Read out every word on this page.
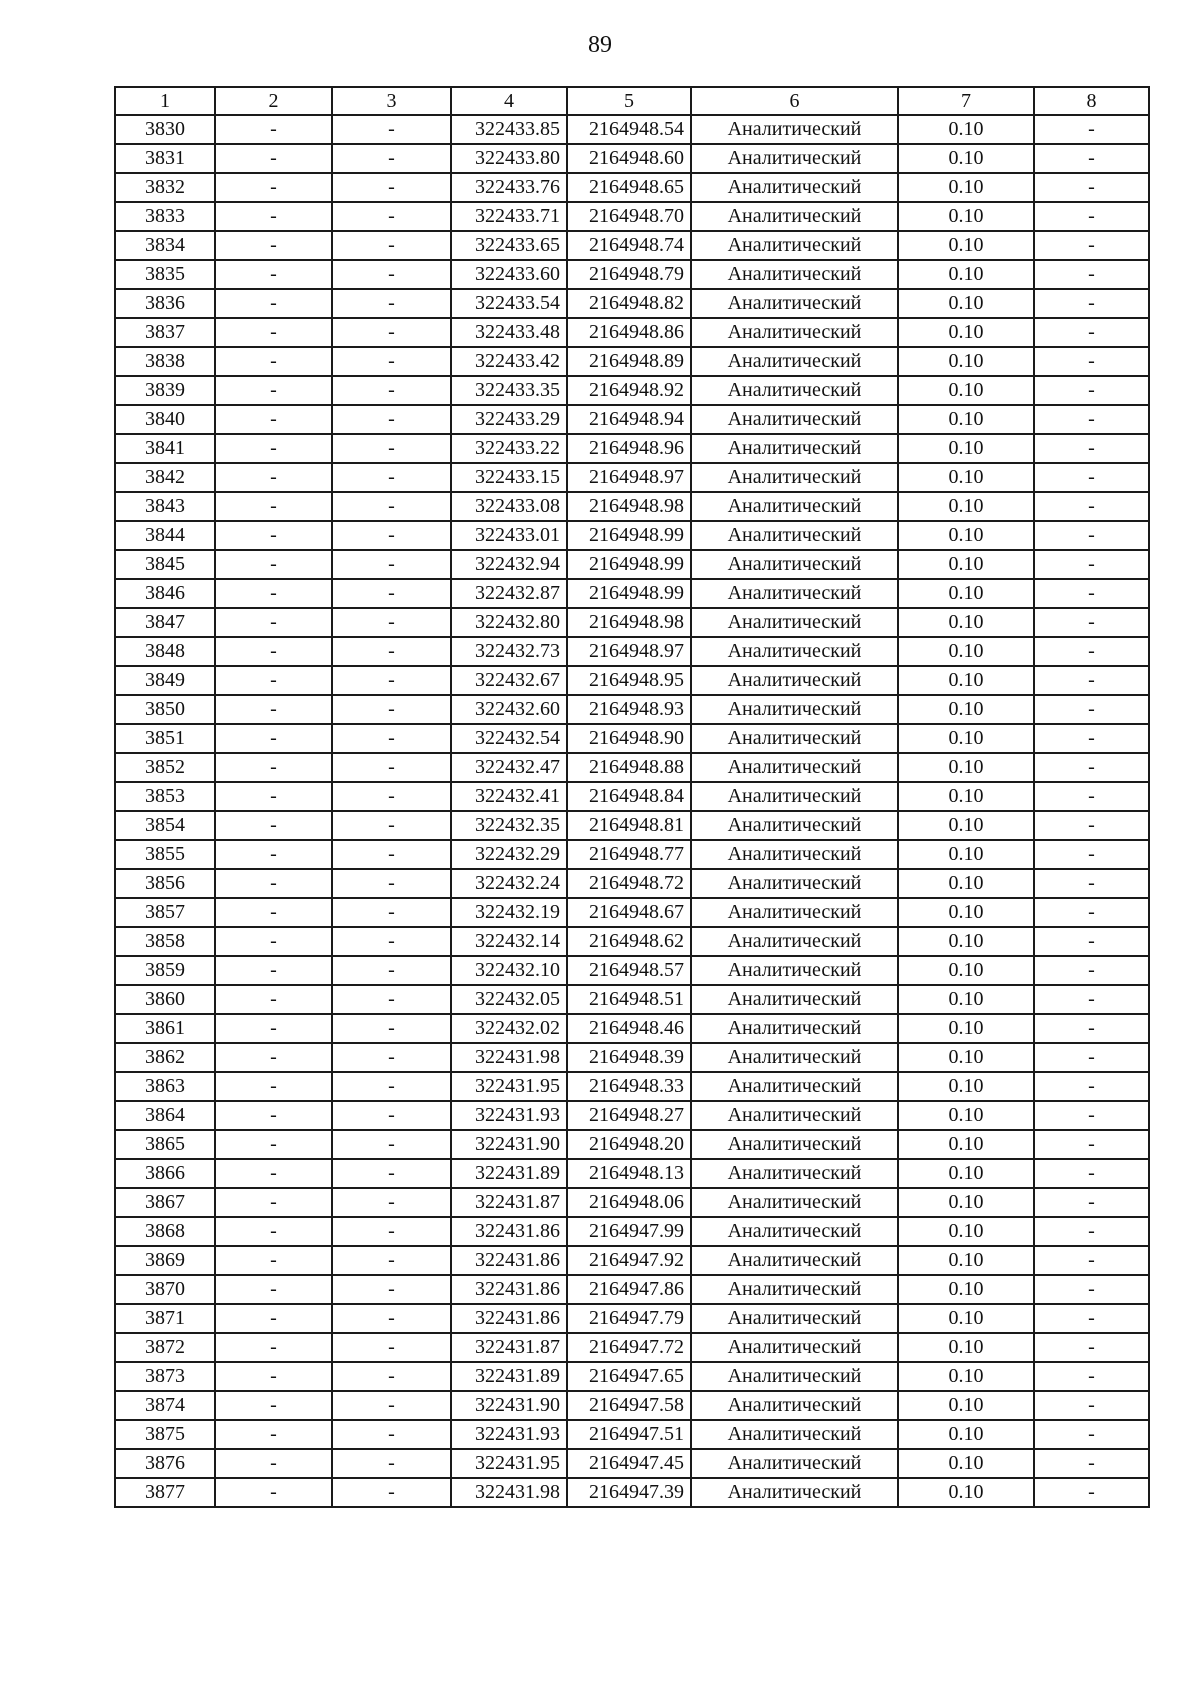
89
1	2	3	4	5	6	7	8
3830	-	-	322433.85	2164948.54	Аналитический	0.10	-
3831	-	-	322433.80	2164948.60	Аналитический	0.10	-
3832	-	-	322433.76	2164948.65	Аналитический	0.10	-
3833	-	-	322433.71	2164948.70	Аналитический	0.10	-
3834	-	-	322433.65	2164948.74	Аналитический	0.10	-
3835	-	-	322433.60	2164948.79	Аналитический	0.10	-
3836	-	-	322433.54	2164948.82	Аналитический	0.10	-
3837	-	-	322433.48	2164948.86	Аналитический	0.10	-
3838	-	-	322433.42	2164948.89	Аналитический	0.10	-
3839	-	-	322433.35	2164948.92	Аналитический	0.10	-
3840	-	-	322433.29	2164948.94	Аналитический	0.10	-
3841	-	-	322433.22	2164948.96	Аналитический	0.10	-
3842	-	-	322433.15	2164948.97	Аналитический	0.10	-
3843	-	-	322433.08	2164948.98	Аналитический	0.10	-
3844	-	-	322433.01	2164948.99	Аналитический	0.10	-
3845	-	-	322432.94	2164948.99	Аналитический	0.10	-
3846	-	-	322432.87	2164948.99	Аналитический	0.10	-
3847	-	-	322432.80	2164948.98	Аналитический	0.10	-
3848	-	-	322432.73	2164948.97	Аналитический	0.10	-
3849	-	-	322432.67	2164948.95	Аналитический	0.10	-
3850	-	-	322432.60	2164948.93	Аналитический	0.10	-
3851	-	-	322432.54	2164948.90	Аналитический	0.10	-
3852	-	-	322432.47	2164948.88	Аналитический	0.10	-
3853	-	-	322432.41	2164948.84	Аналитический	0.10	-
3854	-	-	322432.35	2164948.81	Аналитический	0.10	-
3855	-	-	322432.29	2164948.77	Аналитический	0.10	-
3856	-	-	322432.24	2164948.72	Аналитический	0.10	-
3857	-	-	322432.19	2164948.67	Аналитический	0.10	-
3858	-	-	322432.14	2164948.62	Аналитический	0.10	-
3859	-	-	322432.10	2164948.57	Аналитический	0.10	-
3860	-	-	322432.05	2164948.51	Аналитический	0.10	-
3861	-	-	322432.02	2164948.46	Аналитический	0.10	-
3862	-	-	322431.98	2164948.39	Аналитический	0.10	-
3863	-	-	322431.95	2164948.33	Аналитический	0.10	-
3864	-	-	322431.93	2164948.27	Аналитический	0.10	-
3865	-	-	322431.90	2164948.20	Аналитический	0.10	-
3866	-	-	322431.89	2164948.13	Аналитический	0.10	-
3867	-	-	322431.87	2164948.06	Аналитический	0.10	-
3868	-	-	322431.86	2164947.99	Аналитический	0.10	-
3869	-	-	322431.86	2164947.92	Аналитический	0.10	-
3870	-	-	322431.86	2164947.86	Аналитический	0.10	-
3871	-	-	322431.86	2164947.79	Аналитический	0.10	-
3872	-	-	322431.87	2164947.72	Аналитический	0.10	-
3873	-	-	322431.89	2164947.65	Аналитический	0.10	-
3874	-	-	322431.90	2164947.58	Аналитический	0.10	-
3875	-	-	322431.93	2164947.51	Аналитический	0.10	-
3876	-	-	322431.95	2164947.45	Аналитический	0.10	-
3877	-	-	322431.98	2164947.39	Аналитический	0.10	-
